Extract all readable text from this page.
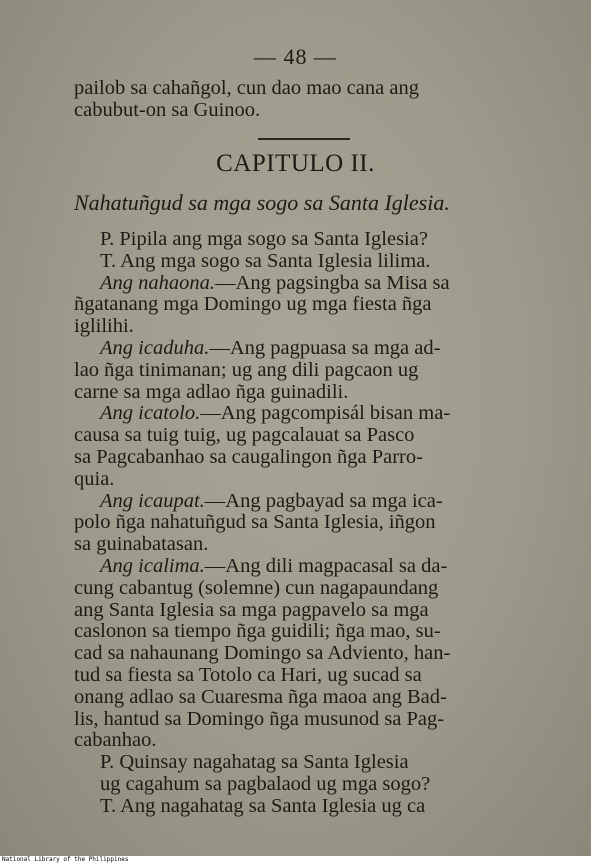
— 48 —
pailob sa cahañgol, cun dao mao cana ang
cabubut-on sa Guinoo.
CAPITULO II.
Nahatuñgud sa mga sogo sa Santa Iglesia.
P. Pipila ang mga sogo sa Santa Iglesia?
T. Ang mga sogo sa Santa Iglesia lilima.
Ang nahaona.—Ang pagsingba sa Misa sa
ñgatanang mga Domingo ug mga fiesta ñga
iglilihi.
Ang icaduha.—Ang pagpuasa sa mga ad-
lao ñga tinimanan; ug ang dili pagcaon ug
carne sa mga adlao ñga guinadili.
Ang icatolo.—Ang pagcompisál bisan ma-
causa sa tuig tuig, ug pagcalauat sa Pasco
sa Pagcabanhao sa caugalingon ñga Parro-
quia.
Ang icaupat.—Ang pagbayad sa mga ica-
polo ñga nahatuñgud sa Santa Iglesia, iñgon
sa guinabatasan.
Ang icalima.—Ang dili magpacasal sa da-
cung cabantug (solemne) cun nagapaundang
ang Santa Iglesia sa mga pagpavelo sa mga
caslonon sa tiempo ñga guidili; ñga mao, su-
cad sa nahaunang Domingo sa Adviento, han-
tud sa fiesta sa Totolo ca Hari, ug sucad sa
onang adlao sa Cuaresma ñga maoa ang Bad-
lis, hantud sa Domingo ñga musunod sa Pag-
cabanhao.
P. Quinsay nagahatag sa Santa Iglesia
ug cagahum sa pagbalaod ug mga sogo?
T. Ang nagahatag sa Santa Iglesia ug ca
National Library of the Philippines
